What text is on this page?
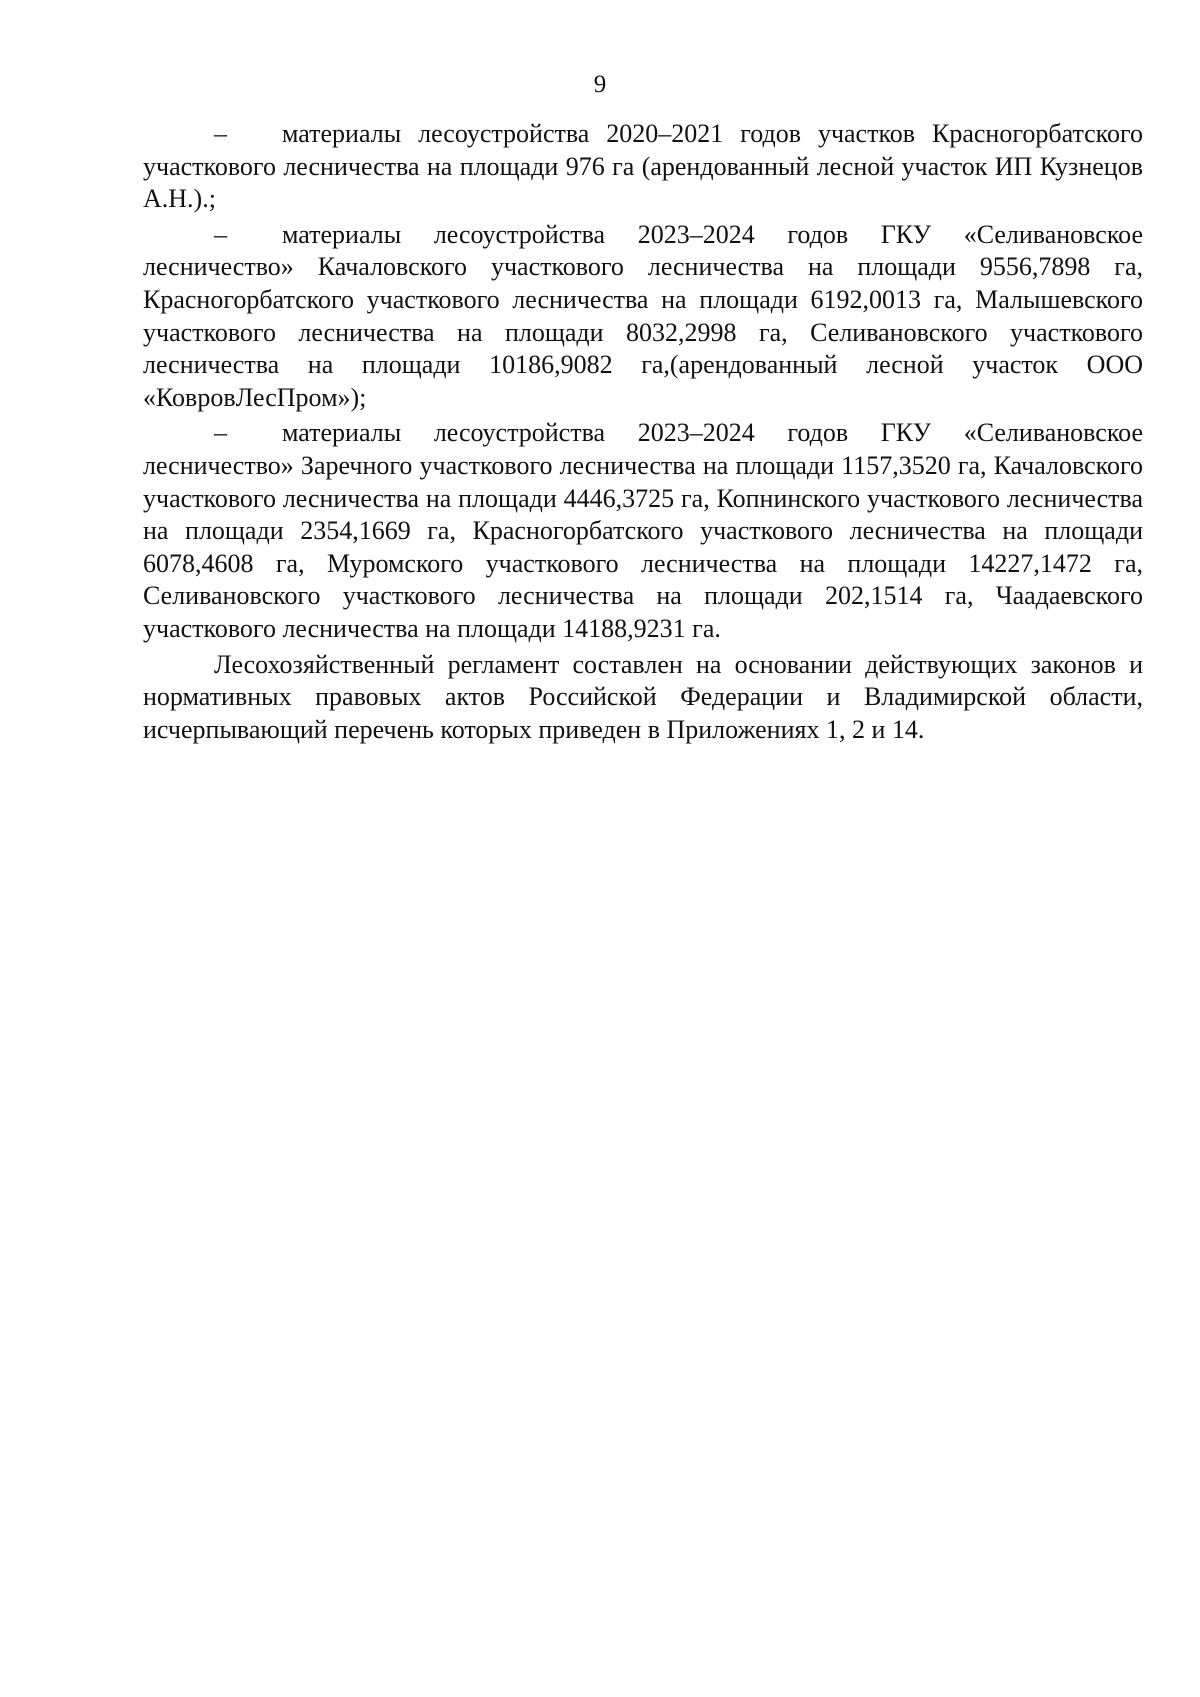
9

– материалы лесоустройства 2020–2021 годов участков Красногорбатского участкового лесничества на площади 976 га (арендованный лесной участок ИП Кузнецов А.Н.).;

– материалы лесоустройства 2023–2024 годов ГКУ «Селивановское лесничество» Качаловского участкового лесничества на площади 9556,7898 га, Красногорбатского участкового лесничества на площади 6192,0013 га, Малышевского участкового лесничества на площади 8032,2998 га, Селивановского участкового лесничества на площади 10186,9082 га,(арендованный лесной участок ООО «КовровЛесПром»);

– материалы лесоустройства 2023–2024 годов ГКУ «Селивановское лесничество» Заречного участкового лесничества на площади 1157,3520 га, Качаловского участкового лесничества на площади 4446,3725 га, Копнинского участкового лесничества на площади 2354,1669 га, Красногорбатского участкового лесничества на площади 6078,4608 га, Муромского участкового лесничества на площади 14227,1472 га, Селивановского участкового лесничества на площади 202,1514 га, Чаадаевского участкового лесничества на площади 14188,9231 га.

Лесохозяйственный регламент составлен на основании действующих законов и нормативных правовых актов Российской Федерации и Владимирской области, исчерпывающий перечень которых приведен в Приложениях 1, 2 и 14.
